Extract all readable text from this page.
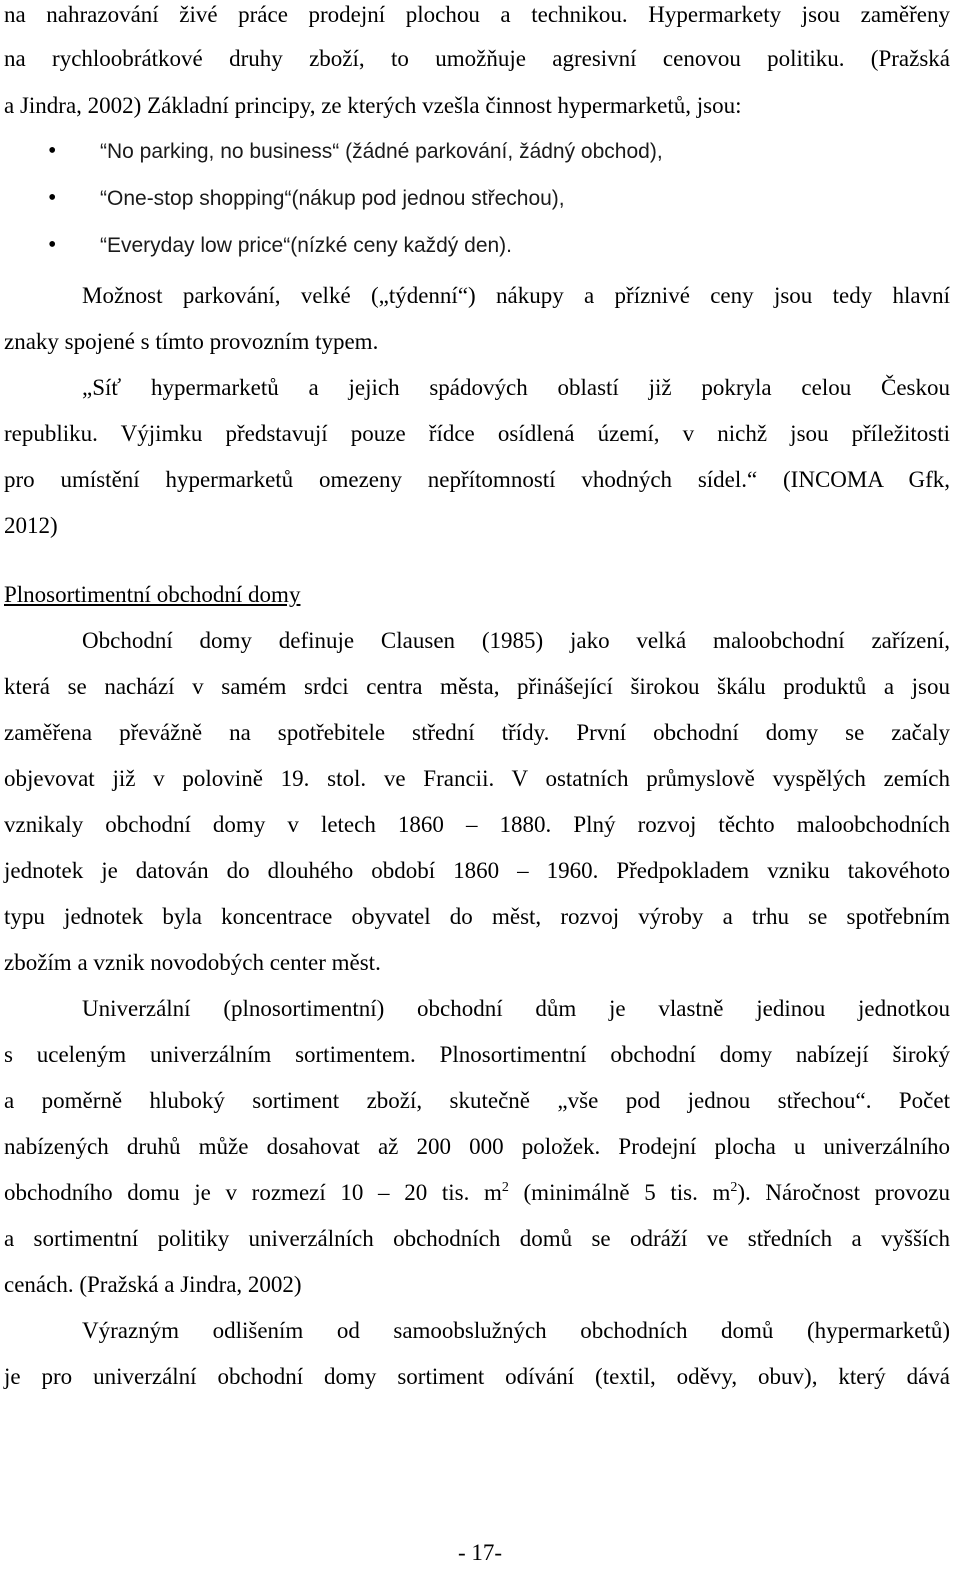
na nahrazování živé práce prodejní plochou a technikou. Hypermarkety jsou zaměřeny
na rychloobrátkové druhy zboží, to umožňuje agresivní cenovou politiku. (Pražská
a Jindra, 2002) Základní principy, ze kterých vzešla činnost hypermarketů, jsou:
• “No parking, no business“ (žádné parkování, žádný obchod),
• “One-stop shopping“(nákup pod jednou střechou),
• “Everyday low price“(nízké ceny každý den).
Možnost parkování, velké („týdenní“) nákupy a příznivé ceny jsou tedy hlavní
znaky spojené s tímto provozním typem.
„Síť hypermarketů a jejich spádových oblastí již pokryla celou Českou
republiku. Výjimku představují pouze řídce osídlená území, v nichž jsou příležitosti
pro umístění hypermarketů omezeny nepřítomností vhodných sídel.“ (INCOMA Gfk,
2012)
Plnosortimentní obchodní domy
Obchodní domy definuje Clausen (1985) jako velká maloobchodní zařízení,
která se nachází v samém srdci centra města, přinášející širokou škálu produktů a jsou
zaměřena převážně na spotřebitele střední třídy. První obchodní domy se začaly
objevovat již v polovině 19. stol. ve Francii. V ostatních průmyslově vyspělých zemích
vznikaly obchodní domy v letech 1860 – 1880. Plný rozvoj těchto maloobchodních
jednotek je datován do dlouhého období 1860 – 1960. Předpokladem vzniku takovéhoto
typu jednotek byla koncentrace obyvatel do měst, rozvoj výroby a trhu se spotřebním
zbožím a vznik novodobých center měst.
Univerzální (plnosortimentní) obchodní dům je vlastně jedinou jednotkou
s uceleným univerzálním sortimentem. Plnosortimentní obchodní domy nabízejí široký
a poměrně hluboký sortiment zboží, skutečně „vše pod jednou střechou“. Počet
nabízených druhů může dosahovat až 200 000 položek. Prodejní plocha u univerzálního
obchodního domu je v rozmezí 10 – 20 tis. $m^2$ (minimálně 5 tis. $m^2$). Náročnost provozu
a sortimentní politiky univerzálních obchodních domů se odráží ve středních a vyšších
cenách. (Pražská a Jindra, 2002)
Výrazným odlišením od samoobslužných obchodních domů (hypermarketů)
je pro univerzální obchodní domy sortiment odívání (textil, oděvy, obuv), který dává
- 17-
